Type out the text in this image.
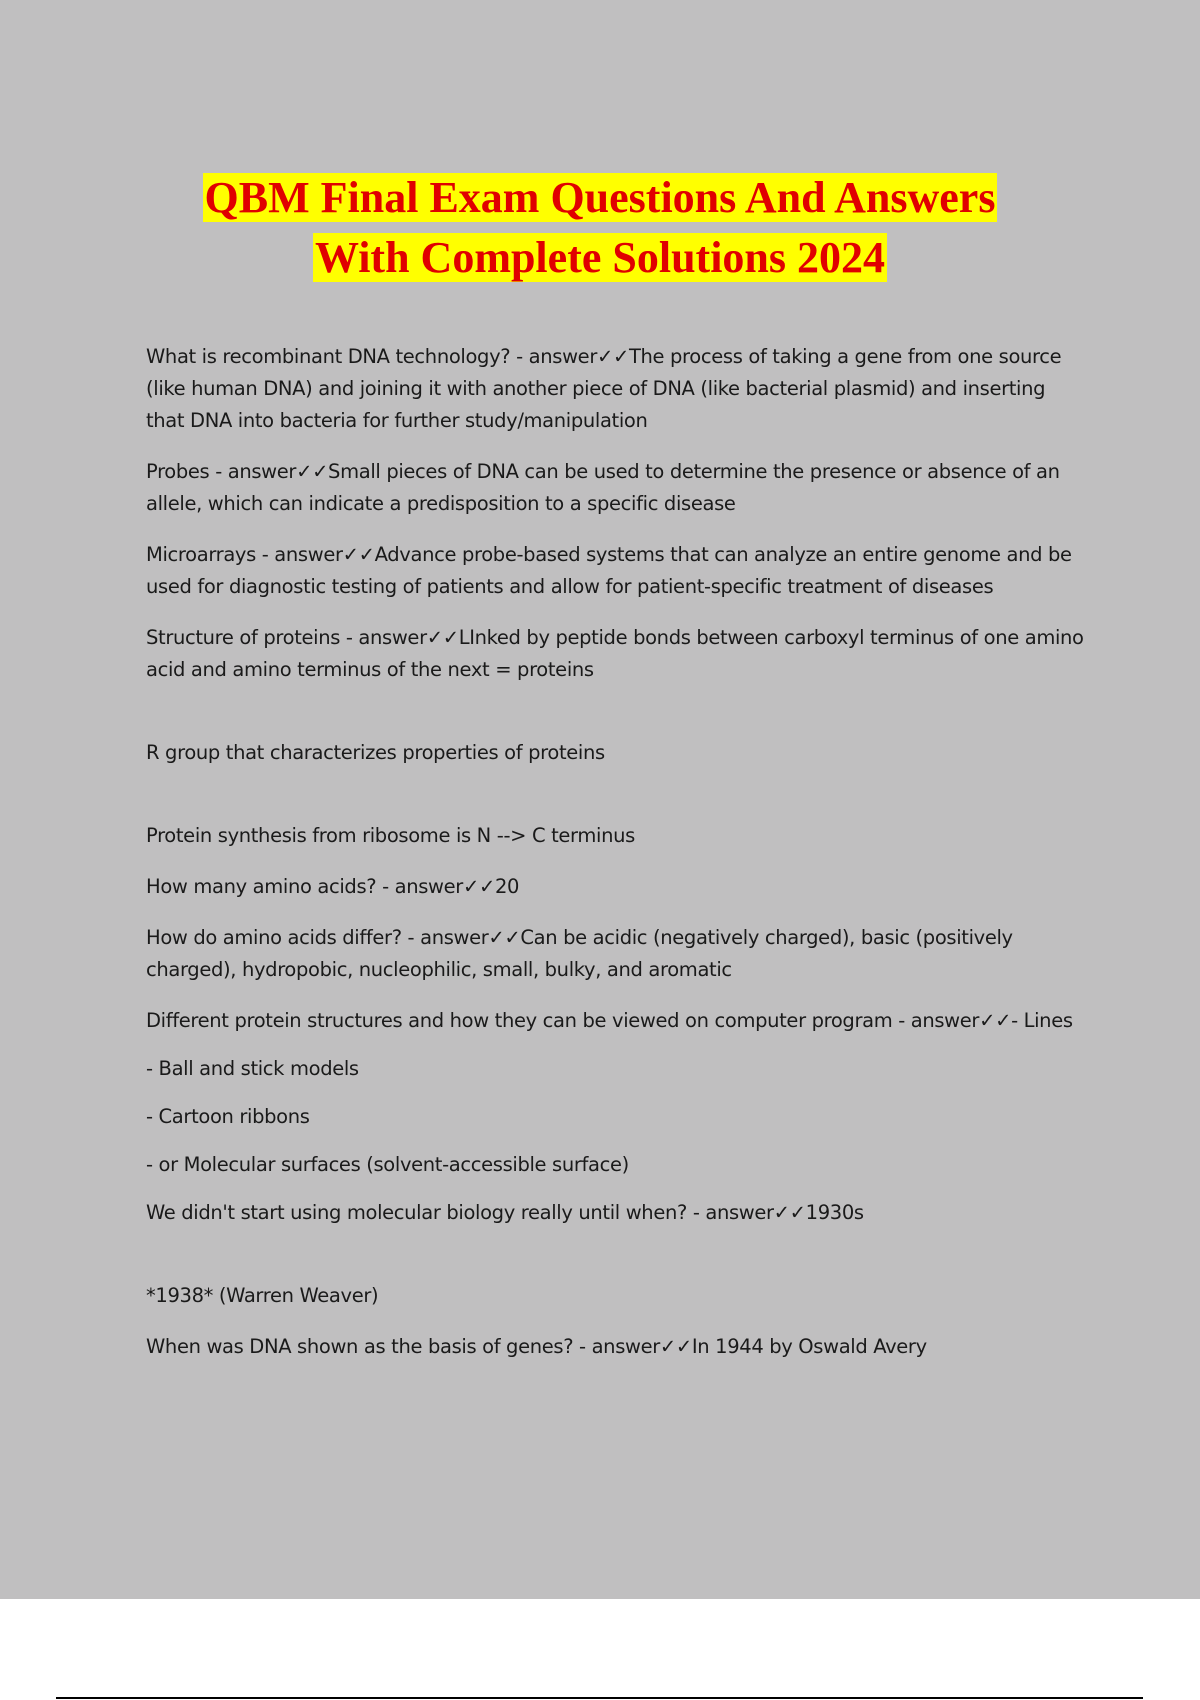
QBM Final Exam Questions And Answers
With Complete Solutions 2024

What is recombinant DNA technology? - answer✓✓The process of taking a gene from one source (like human DNA) and joining it with another piece of DNA (like bacterial plasmid) and inserting that DNA into bacteria for further study/manipulation

Probes - answer✓✓Small pieces of DNA can be used to determine the presence or absence of an allele, which can indicate a predisposition to a specific disease

Microarrays - answer✓✓Advance probe-based systems that can analyze an entire genome and be used for diagnostic testing of patients and allow for patient-specific treatment of diseases

Structure of proteins - answer✓✓LInked by peptide bonds between carboxyl terminus of one amino acid and amino terminus of the next = proteins

R group that characterizes properties of proteins

Protein synthesis from ribosome is N --> C terminus

How many amino acids? - answer✓✓20

How do amino acids differ? - answer✓✓Can be acidic (negatively charged), basic (positively charged), hydropobic, nucleophilic, small, bulky, and aromatic

Different protein structures and how they can be viewed on computer program - answer✓✓- Lines

- Ball and stick models

- Cartoon ribbons

- or Molecular surfaces (solvent-accessible surface)

We didn't start using molecular biology really until when? - answer✓✓1930s

*1938* (Warren Weaver)

When was DNA shown as the basis of genes? - answer✓✓In 1944 by Oswald Avery
